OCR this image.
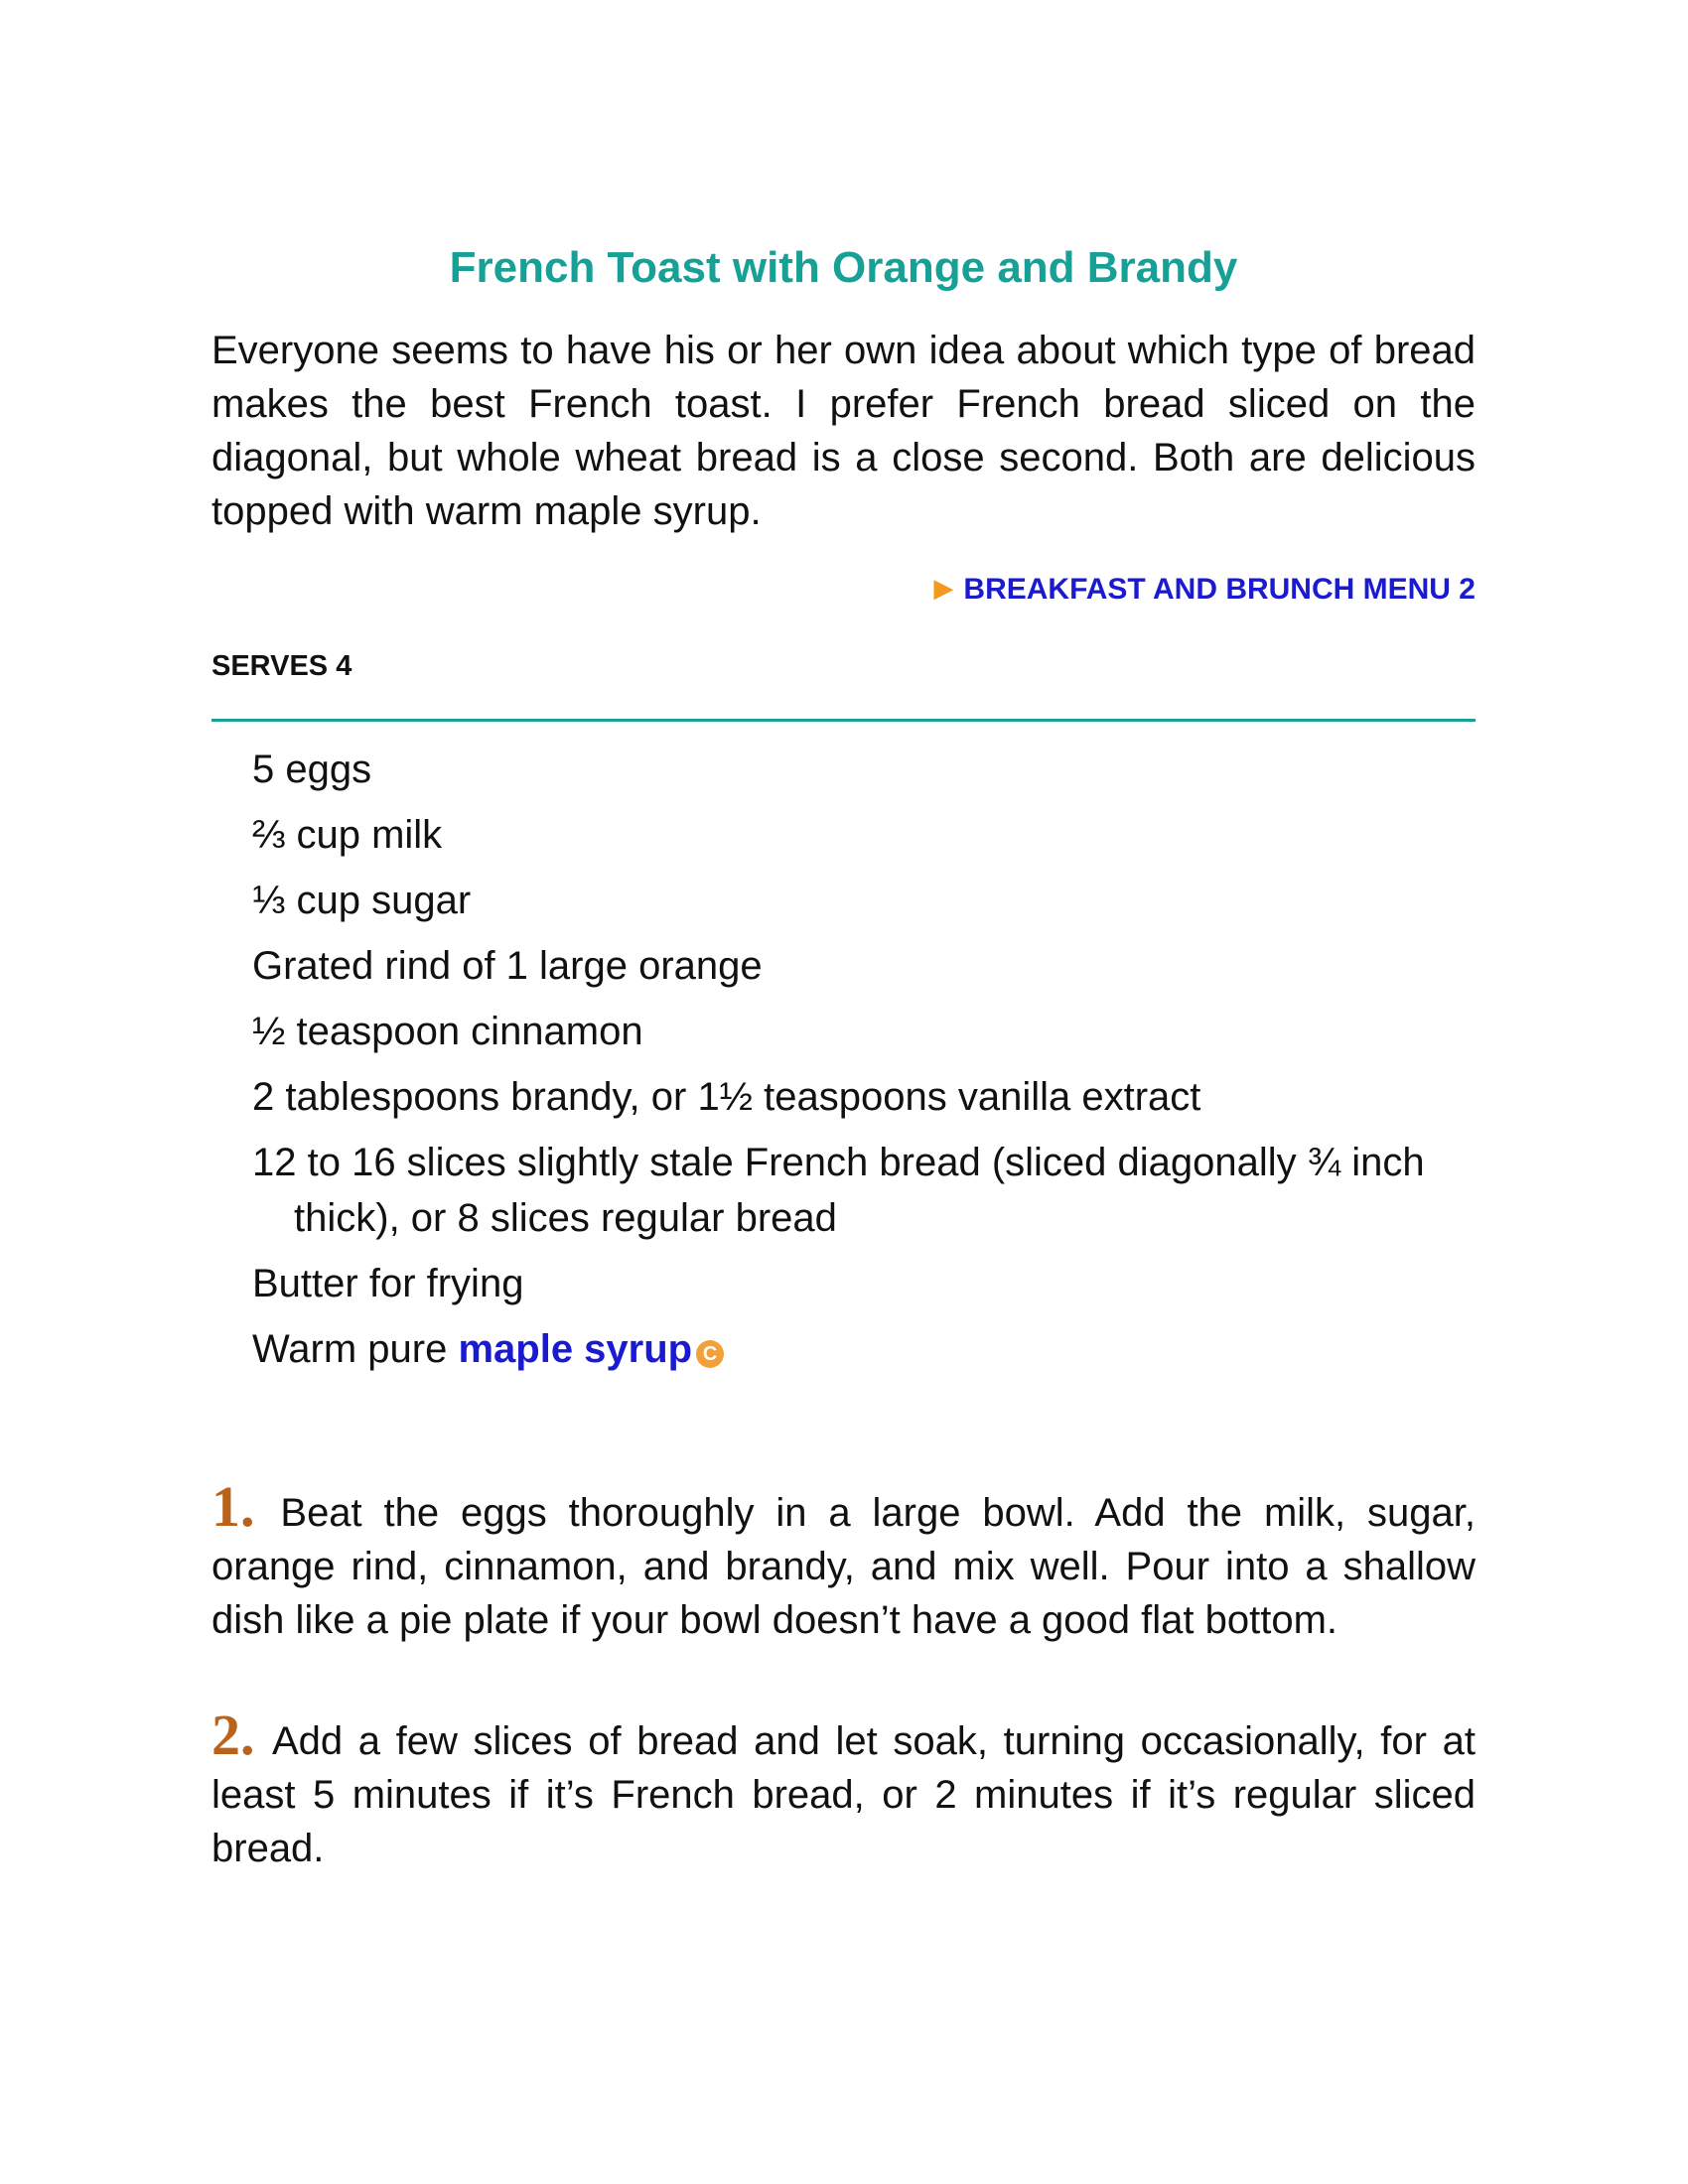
French Toast with Orange and Brandy

Everyone seems to have his or her own idea about which type of bread makes the best French toast. I prefer French bread sliced on the diagonal, but whole wheat bread is a close second. Both are delicious topped with warm maple syrup.

▶ BREAKFAST AND BRUNCH MENU 2
SERVES 4
5 eggs
⅔ cup milk
⅓ cup sugar
Grated rind of 1 large orange
½ teaspoon cinnamon
2 tablespoons brandy, or 1½ teaspoons vanilla extract
12 to 16 slices slightly stale French bread (sliced diagonally ¾ inch thick), or 8 slices regular bread
Butter for frying
Warm pure maple syrup C

1. Beat the eggs thoroughly in a large bowl. Add the milk, sugar, orange rind, cinnamon, and brandy, and mix well. Pour into a shallow dish like a pie plate if your bowl doesn’t have a good flat bottom.

2. Add a few slices of bread and let soak, turning occasionally, for at least 5 minutes if it’s French bread, or 2 minutes if it’s regular sliced bread.
